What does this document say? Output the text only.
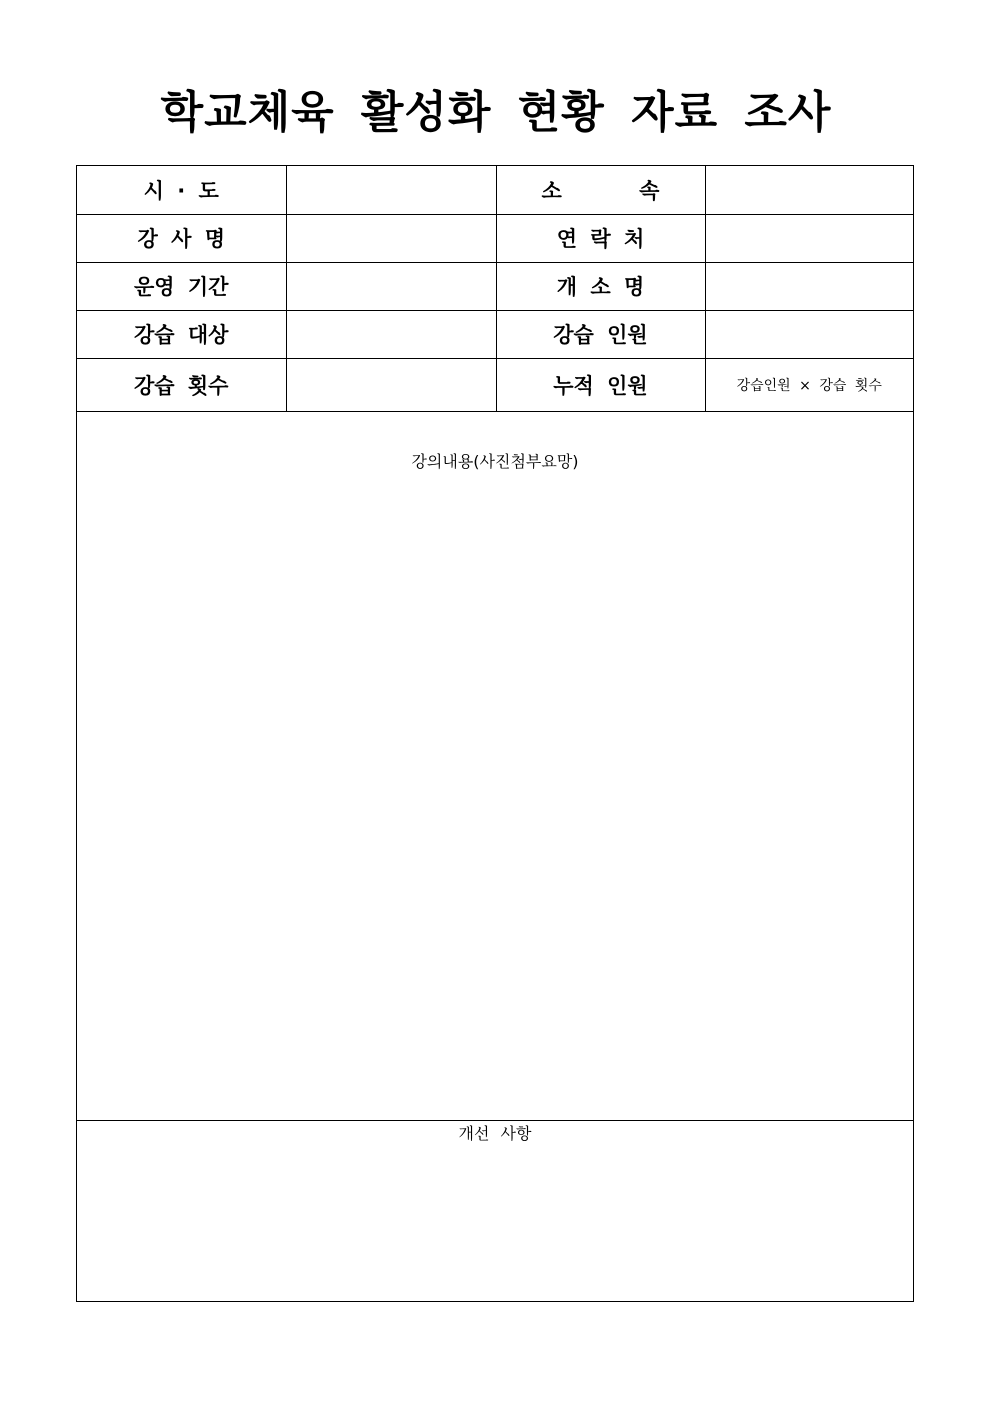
학교체육 활성화 현황 자료 조사
시 · 도		소 속	
강 사 명		연 락 처	
운영 기간		개 소 명	
강습 대상		강습 인원	
강습 횟수		누적 인원	강습인원 × 강습 횟수
강의내용(사진첨부요망)
개선 사항
